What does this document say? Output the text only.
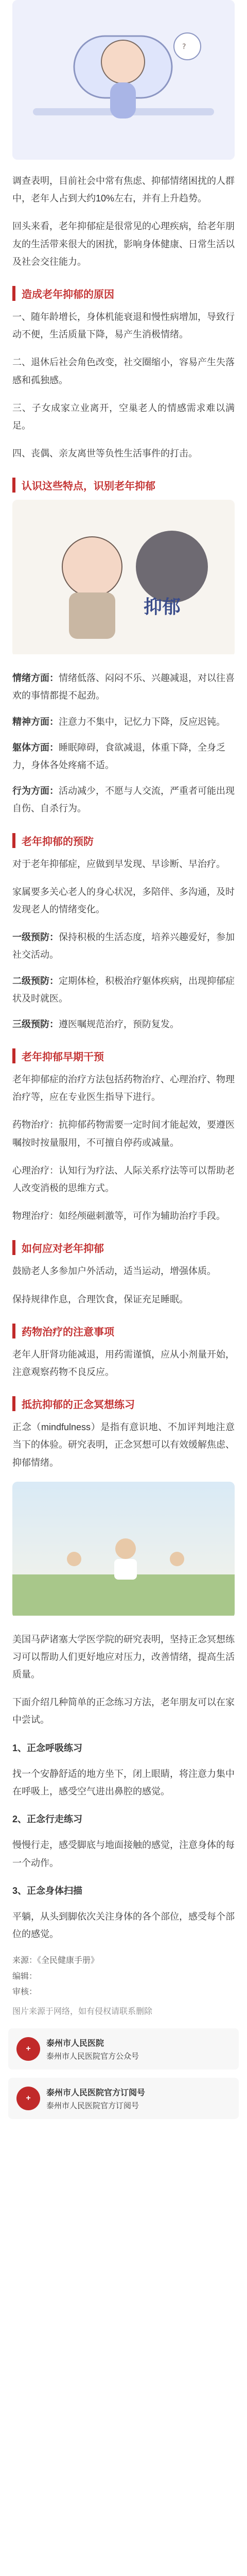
?

调查表明，目前社会中常有焦虑、抑郁情绪困扰的人群中，老年人占到大约10%左右，并有上升趋势。

回头来看，老年抑郁症是很常见的心理疾病，给老年朋友的生活带来很大的困扰，影响身体健康、日常生活以及社会交往能力。

造成老年抑郁的原因

一、随年龄增长，身体机能衰退和慢性病增加，导致行动不便，生活质量下降，易产生消极情绪。

二、退休后社会角色改变，社交圈缩小，容易产生失落感和孤独感。

三、子女成家立业离开，空巢老人的情感需求难以满足。

四、丧偶、亲友离世等负性生活事件的打击。

认识这些特点，识别老年抑郁
抑郁
情绪方面：情绪低落、闷闷不乐、兴趣减退，对以往喜欢的事情都提不起劲。
精神方面：注意力不集中，记忆力下降，反应迟钝。
躯体方面：睡眠障碍，食欲减退，体重下降，全身乏力，身体各处疼痛不适。
行为方面：活动减少，不愿与人交流，严重者可能出现自伤、自杀行为。
老年抑郁的预防

对于老年抑郁症，应做到早发现、早诊断、早治疗。

家属要多关心老人的身心状况，多陪伴、多沟通，及时发现老人的情绪变化。

一级预防：保持积极的生活态度，培养兴趣爱好，参加社交活动。
二级预防：定期体检，积极治疗躯体疾病，出现抑郁症状及时就医。
三级预防：遵医嘱规范治疗，预防复发。
老年抑郁早期干预

老年抑郁症的治疗方法包括药物治疗、心理治疗、物理治疗等，应在专业医生指导下进行。

药物治疗：抗抑郁药物需要一定时间才能起效，要遵医嘱按时按量服用，不可擅自停药或减量。

心理治疗：认知行为疗法、人际关系疗法等可以帮助老人改变消极的思维方式。

物理治疗：如经颅磁刺激等，可作为辅助治疗手段。

如何应对老年抑郁

鼓励老人多参加户外活动，适当运动，增强体质。

保持规律作息，合理饮食，保证充足睡眠。

药物治疗的注意事项

老年人肝肾功能减退，用药需谨慎，应从小剂量开始，注意观察药物不良反应。

抵抗抑郁的正念冥想练习

正念（mindfulness）是指有意识地、不加评判地注意当下的体验。研究表明，正念冥想可以有效缓解焦虑、抑郁情绪。

美国马萨诸塞大学医学院的研究表明，坚持正念冥想练习可以帮助人们更好地应对压力，改善情绪，提高生活质量。

下面介绍几种简单的正念练习方法，老年朋友可以在家中尝试。

1、正念呼吸练习

找一个安静舒适的地方坐下，闭上眼睛，将注意力集中在呼吸上，感受空气进出鼻腔的感觉。

2、正念行走练习

慢慢行走，感受脚底与地面接触的感觉，注意身体的每一个动作。

3、正念身体扫描

平躺，从头到脚依次关注身体的各个部位，感受每个部位的感觉。

来源：《全民健康手册》
编辑：
审核：
图片来源于网络，如有侵权请联系删除
+
泰州市人民医院
泰州市人民医院官方公众号
+
泰州市人民医院官方订阅号
泰州市人民医院官方订阅号
